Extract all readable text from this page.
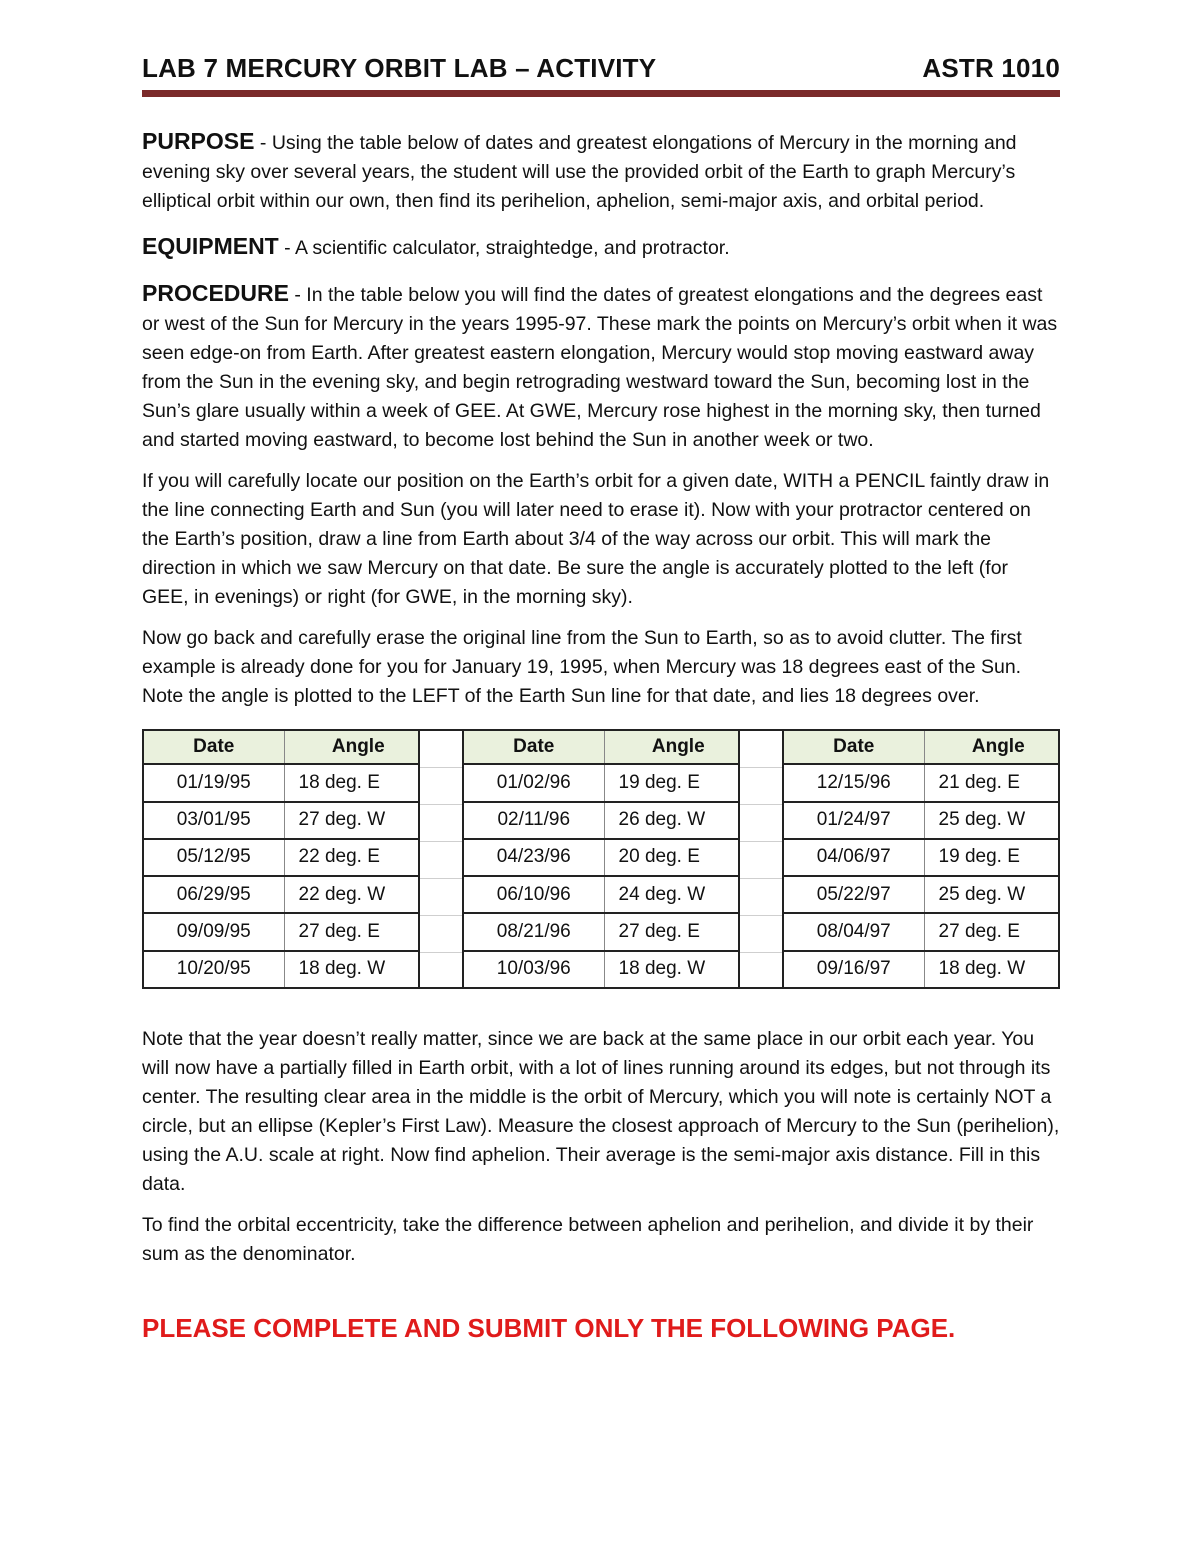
LAB 7 MERCURY ORBIT LAB – ACTIVITY	ASTR 1010

PURPOSE - Using the table below of dates and greatest elongations of Mercury in the morning and evening sky over several years, the student will use the provided orbit of the Earth to graph Mercury’s elliptical orbit within our own, then find its perihelion, aphelion, semi-major axis, and orbital period.

EQUIPMENT - A scientific calculator, straightedge, and protractor.

PROCEDURE - In the table below you will find the dates of greatest elongations and the degrees east or west of the Sun for Mercury in the years 1995-97. These mark the points on Mercury’s orbit when it was seen edge-on from Earth. After greatest eastern elongation, Mercury would stop moving eastward away from the Sun in the evening sky, and begin retrograding westward toward the Sun, becoming lost in the Sun’s glare usually within a week of GEE. At GWE, Mercury rose highest in the morning sky, then turned and started moving eastward, to become lost behind the Sun in another week or two.

If you will carefully locate our position on the Earth’s orbit for a given date, WITH a PENCIL faintly draw in the line connecting Earth and Sun (you will later need to erase it). Now with your protractor centered on the Earth’s position, draw a line from Earth about 3/4 of the way across our orbit. This will mark the direction in which we saw Mercury on that date. Be sure the angle is accurately plotted to the left (for GEE, in evenings) or right (for GWE, in the morning sky).

Now go back and carefully erase the original line from the Sun to Earth, so as to avoid clutter. The first example is already done for you for January 19, 1995, when Mercury was 18 degrees east of the Sun. Note the angle is plotted to the LEFT of the Earth Sun line for that date, and lies 18 degrees over.

Date	Angle
01/19/95	18 deg. E
03/01/95	27 deg. W
05/12/95	22 deg. E
06/29/95	22 deg. W
09/09/95	27 deg. E
10/20/95	18 deg. W
Date	Angle
01/02/96	19 deg. E
02/11/96	26 deg. W
04/23/96	20 deg. E
06/10/96	24 deg. W
08/21/96	27 deg. E
10/03/96	18 deg. W
Date	Angle
12/15/96	21 deg. E
01/24/97	25 deg. W
04/06/97	19 deg. E
05/22/97	25 deg. W
08/04/97	27 deg. E
09/16/97	18 deg. W

Note that the year doesn’t really matter, since we are back at the same place in our orbit each year. You will now have a partially filled in Earth orbit, with a lot of lines running around its edges, but not through its center. The resulting clear area in the middle is the orbit of Mercury, which you will note is certainly NOT a circle, but an ellipse (Kepler’s First Law). Measure the closest approach of Mercury to the Sun (perihelion), using the A.U. scale at right. Now find aphelion. Their average is the semi-major axis distance. Fill in this data.

To find the orbital eccentricity, take the difference between aphelion and perihelion, and divide it by their sum as the denominator.

PLEASE COMPLETE AND SUBMIT ONLY THE FOLLOWING PAGE.
